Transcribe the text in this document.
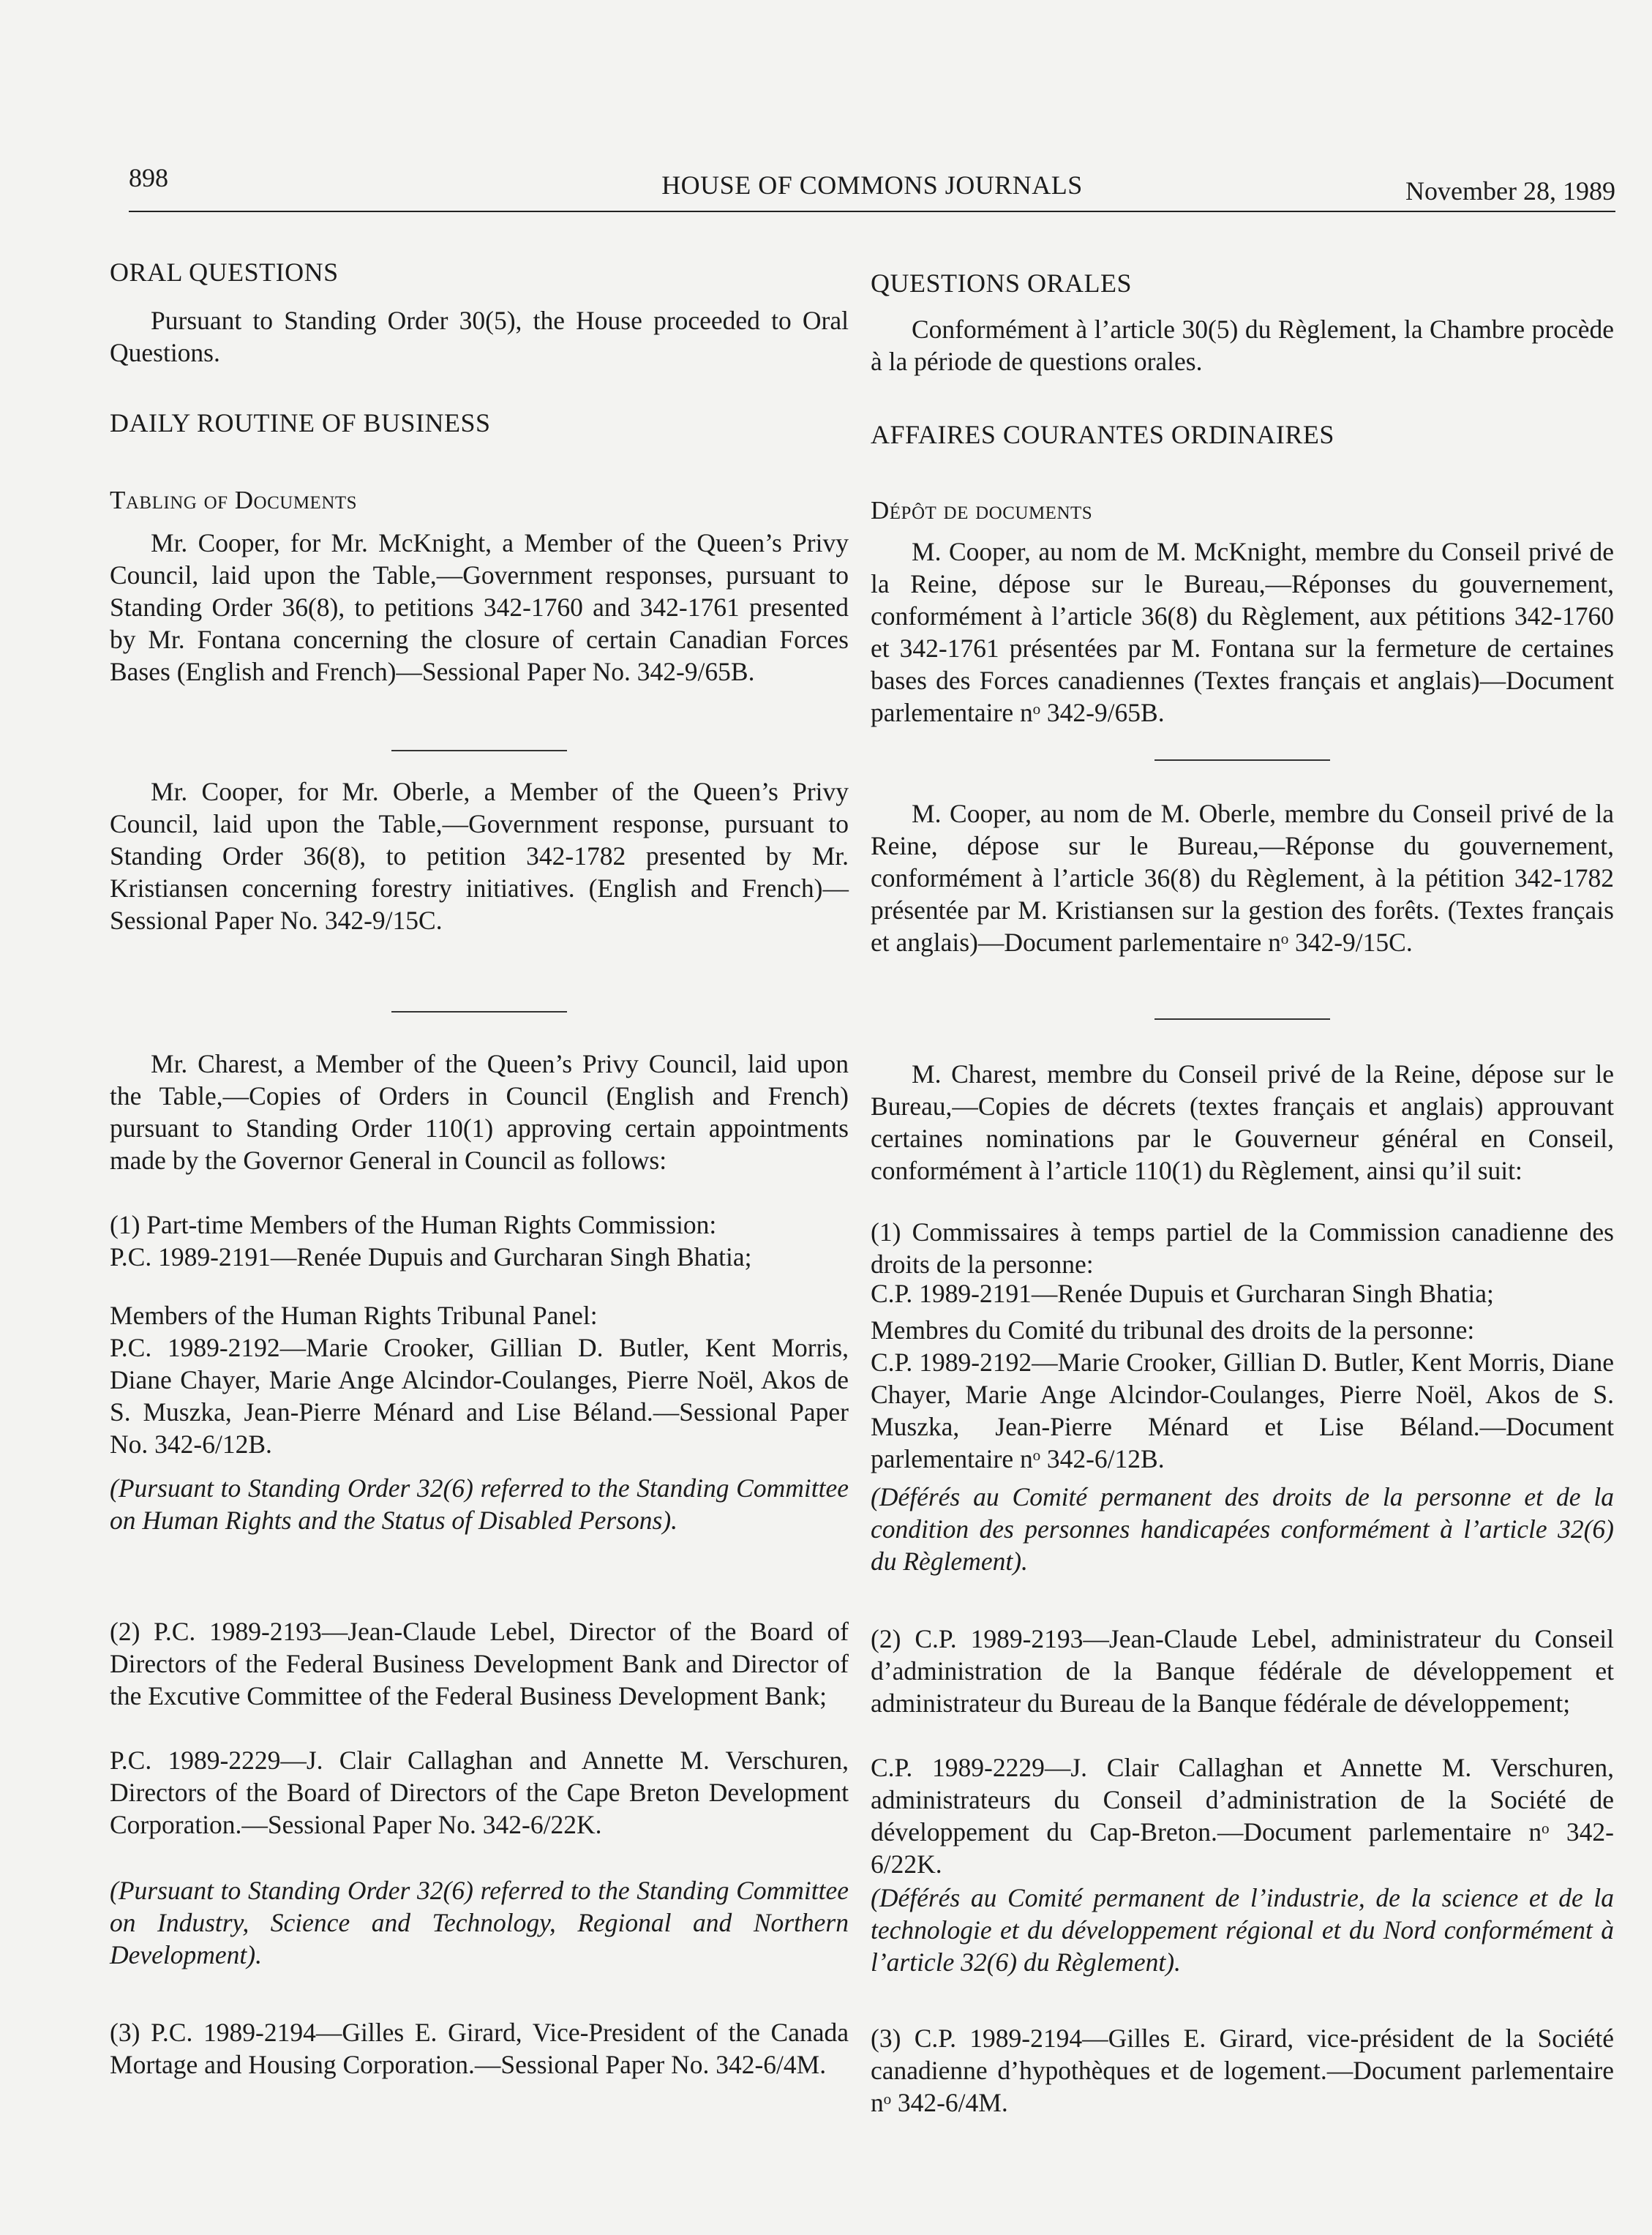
898	HOUSE OF COMMONS JOURNALS	November 28, 1989
ORAL QUESTIONS

Pursuant to Standing Order 30(5), the House proceeded to Oral Questions.

DAILY ROUTINE OF BUSINESS
Tabling of Documents

Mr. Cooper, for Mr. McKnight, a Member of the Queen’s Privy Council, laid upon the Table,—Government responses, pursuant to Standing Order 36(8), to petitions 342-1760 and 342-1761 presented by Mr. Fontana concerning the closure of certain Canadian Forces Bases (English and French)—Sessional Paper No. 342-9/65B.

Mr. Cooper, for Mr. Oberle, a Member of the Queen’s Privy Council, laid upon the Table,—Government response, pursuant to Standing Order 36(8), to petition 342-1782 presented by Mr. Kristiansen concerning forestry initiatives. (English and French)—Sessional Paper No. 342-9/15C.

Mr. Charest, a Member of the Queen’s Privy Council, laid upon the Table,—Copies of Orders in Council (English and French) pursuant to Standing Order 110(1) approving certain appointments made by the Governor General in Council as follows:

(1) Part-time Members of the Human Rights Commission:

P.C. 1989-2191—Renée Dupuis and Gurcharan Singh Bhatia;

Members of the Human Rights Tribunal Panel:

P.C. 1989-2192—Marie Crooker, Gillian D. Butler, Kent Morris, Diane Chayer, Marie Ange Alcindor-Coulanges, Pierre Noël, Akos de S. Muszka, Jean-Pierre Ménard and Lise Béland.—Sessional Paper No. 342-6/12B.

(Pursuant to Standing Order 32(6) referred to the Standing Committee on Human Rights and the Status of Disabled Persons).

(2) P.C. 1989-2193—Jean-Claude Lebel, Director of the Board of Directors of the Federal Business Development Bank and Director of the Excutive Committee of the Federal Business Development Bank;

P.C. 1989-2229—J. Clair Callaghan and Annette M. Verschuren, Directors of the Board of Directors of the Cape Breton Development Corporation.—Sessional Paper No. 342-6/22K.

(Pursuant to Standing Order 32(6) referred to the Standing Committee on Industry, Science and Technology, Regional and Northern Development).

(3) P.C. 1989-2194—Gilles E. Girard, Vice-President of the Canada Mortage and Housing Corporation.—Sessional Paper No. 342-6/4M.

QUESTIONS ORALES

Conformément à l’article 30(5) du Règlement, la Chambre procède à la période de questions orales.

AFFAIRES COURANTES ORDINAIRES
Dépôt de documents

M. Cooper, au nom de M. McKnight, membre du Conseil privé de la Reine, dépose sur le Bureau,—Réponses du gouvernement, conformément à l’article 36(8) du Règlement, aux pétitions 342-1760 et 342-1761 présentées par M. Fontana sur la fermeture de certaines bases des Forces canadiennes (Textes français et anglais)—Document parlementaire nᵒ 342-9/65B.

M. Cooper, au nom de M. Oberle, membre du Conseil privé de la Reine, dépose sur le Bureau,—Réponse du gouvernement, conformément à l’article 36(8) du Règlement, à la pétition 342-1782 présentée par M. Kristiansen sur la gestion des forêts. (Textes français et anglais)—Document parlementaire nᵒ 342-9/15C.

M. Charest, membre du Conseil privé de la Reine, dépose sur le Bureau,—Copies de décrets (textes français et anglais) approuvant certaines nominations par le Gouverneur général en Conseil, conformément à l’article 110(1) du Règlement, ainsi qu’il suit:

(1) Commissaires à temps partiel de la Commission canadienne des droits de la personne:

C.P. 1989-2191—Renée Dupuis et Gurcharan Singh Bhatia;

Membres du Comité du tribunal des droits de la personne:

C.P. 1989-2192—Marie Crooker, Gillian D. Butler, Kent Morris, Diane Chayer, Marie Ange Alcindor-Coulanges, Pierre Noël, Akos de S. Muszka, Jean-Pierre Ménard et Lise Béland.—Document parlementaire nᵒ 342-6/12B.

(Déférés au Comité permanent des droits de la personne et de la condition des personnes handicapées conformément à l’article 32(6) du Règlement).

(2) C.P. 1989-2193—Jean-Claude Lebel, administrateur du Conseil d’administration de la Banque fédérale de développement et administrateur du Bureau de la Banque fédérale de développement;

C.P. 1989-2229—J. Clair Callaghan et Annette M. Verschuren, administrateurs du Conseil d’administration de la Société de développement du Cap-Breton.—Document parlementaire nᵒ 342-6/22K.

(Déférés au Comité permanent de l’industrie, de la science et de la technologie et du développement régional et du Nord conformément à l’article 32(6) du Règlement).

(3) C.P. 1989-2194—Gilles E. Girard, vice-président de la Société canadienne d’hypothèques et de logement.—Document parlementaire nᵒ 342-6/4M.
